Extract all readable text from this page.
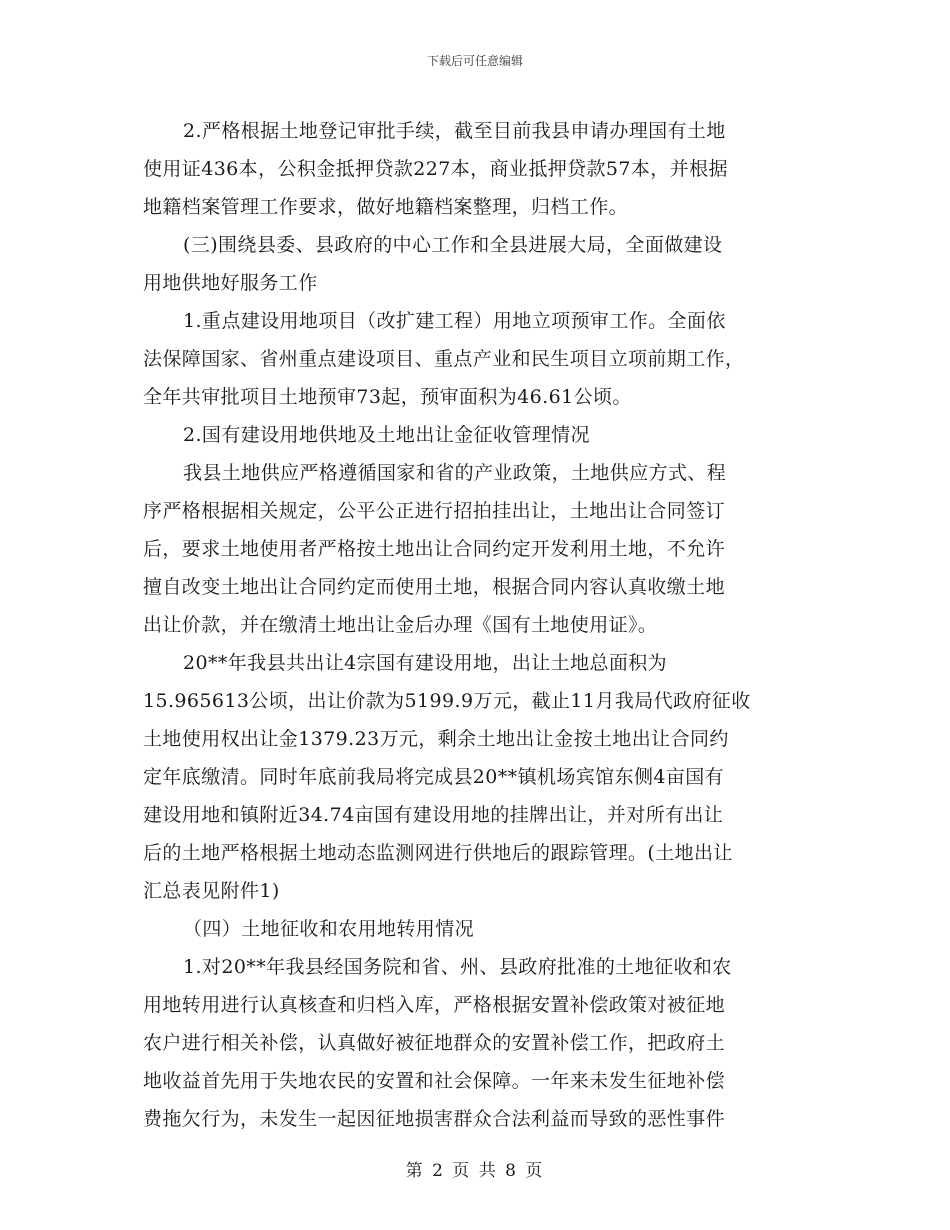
下载后可任意编辑
2.严格根据土地登记审批手续，截至目前我县申请办理国有土地
使用证436本，公积金抵押贷款227本，商业抵押贷款57本，并根据
地籍档案管理工作要求，做好地籍档案整理，归档工作。
(三)围绕县委、县政府的中心工作和全县进展大局，全面做建设
用地供地好服务工作
1.重点建设用地项目（改扩建工程）用地立项预审工作。全面依
法保障国家、省州重点建设项目、重点产业和民生项目立项前期工作，
全年共审批项目土地预审73起，预审面积为46.61公顷。
2.国有建设用地供地及土地出让金征收管理情况
我县土地供应严格遵循国家和省的产业政策，土地供应方式、程
序严格根据相关规定，公平公正进行招拍挂出让，土地出让合同签订
后，要求土地使用者严格按土地出让合同约定开发利用土地，不允许
擅自改变土地出让合同约定而使用土地，根据合同内容认真收缴土地
出让价款，并在缴清土地出让金后办理《国有土地使用证》。
20**年我县共出让4宗国有建设用地，出让土地总面积为
15.965613公顷，出让价款为5199.9万元，截止11月我局代政府征收
土地使用权出让金1379.23万元，剩余土地出让金按土地出让合同约
定年底缴清。同时年底前我局将完成县20**镇机场宾馆东侧4亩国有
建设用地和镇附近34.74亩国有建设用地的挂牌出让，并对所有出让
后的土地严格根据土地动态监测网进行供地后的跟踪管理。(土地出让
汇总表见附件1)
（四）土地征收和农用地转用情况
1.对20**年我县经国务院和省、州、县政府批准的土地征收和农
用地转用进行认真核查和归档入库，严格根据安置补偿政策对被征地
农户进行相关补偿，认真做好被征地群众的安置补偿工作，把政府土
地收益首先用于失地农民的安置和社会保障。一年来未发生征地补偿
费拖欠行为，未发生一起因征地损害群众合法利益而导致的恶性事件
第 2 页 共 8 页
